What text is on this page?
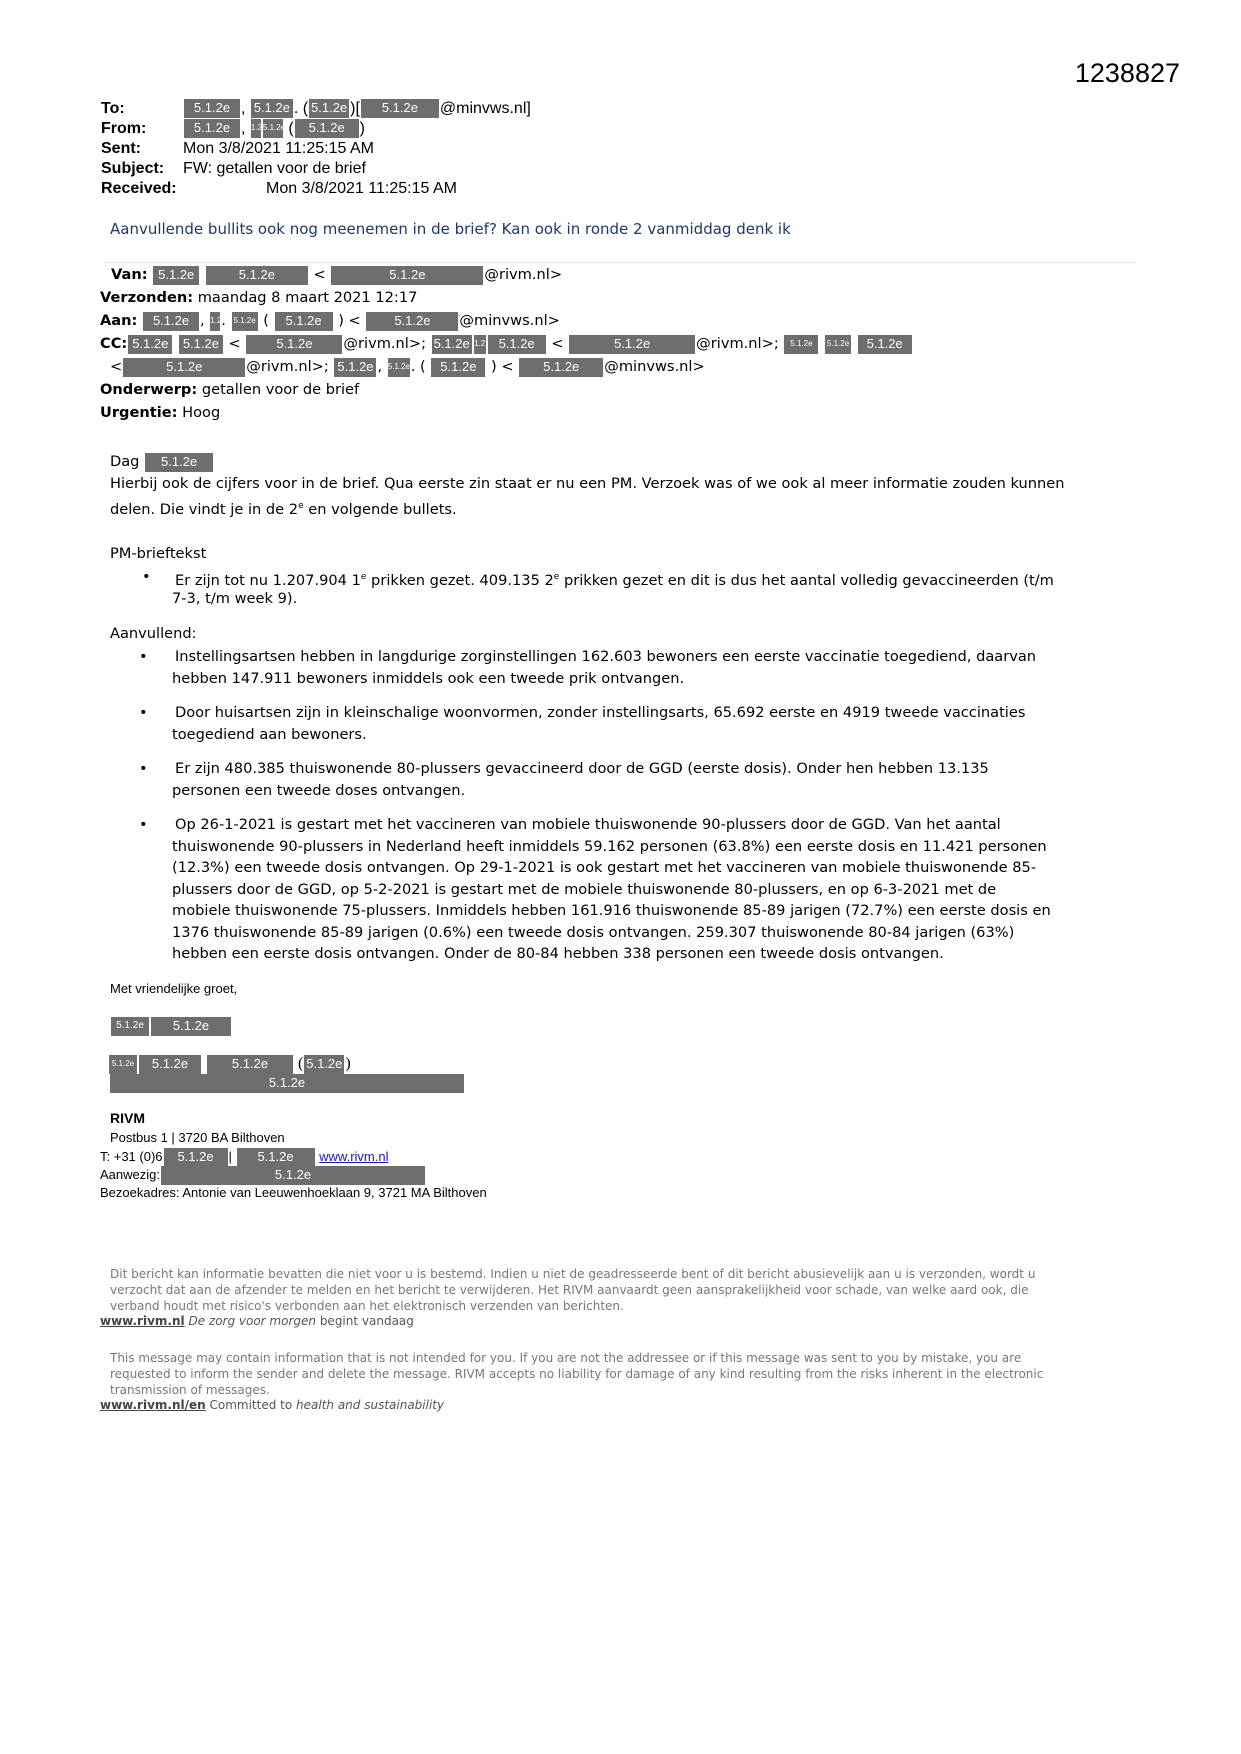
1238827
To:	5.1.2e , 5.1.2e . ( 5.1.2e )[ 5.1.2e @minvws.nl]
From:	5.1.2e , 1.25.1.2e ( 5.1.2e )
Sent:	Mon 3/8/2021 11:25:15 AM
Subject: FW: getallen voor de brief
Received:	Mon 3/8/2021 11:25:15 AM
Aanvullende bullits ook nog meenemen in de brief? Kan ook in ronde 2 vanmiddag denk ik
Van: 5.1.2e	5.1.2e <	5.1.2e	@rivm.nl>
Verzonden: maandag 8 maart 2021 12:17
Aan: 5.1.2e , 1.2. 5.1.2e ( 5.1.2e ) < 5.1.2e @minvws.nl>
CC: 5.1.2e 5.1.2e < 5.1.2e @rivm.nl>; 5.1.2e 1.2 5.1.2e <	5.1.2e	@rivm.nl>; 5.1.2e 5.1.2e 5.1.2e
<	5.1.2e	@rivm.nl>; 5.1.2e , 5.1.2e. ( 5.1.2e ) < 5.1.2e @minvws.nl>
Onderwerp: getallen voor de brief
Urgentie: Hoog
Dag 5.1.2e
Hierbij ook de cijfers voor in de brief. Qua eerste zin staat er nu een PM. Verzoek was of we ook al meer informatie zouden kunnen
delen. Die vindt je in de 2e en volgende bullets.
PM-brieftekst
• Er zijn tot nu 1.207.904 1e prikken gezet. 409.135 2e prikken gezet en dit is dus het aantal volledig gevaccineerden (t/m
7-3, t/m week 9).
Aanvullend:
• Instellingsartsen hebben in langdurige zorginstellingen 162.603 bewoners een eerste vaccinatie toegediend, daarvan
hebben 147.911 bewoners inmiddels ook een tweede prik ontvangen.
• Door huisartsen zijn in kleinschalige woonvormen, zonder instellingsarts, 65.692 eerste en 4919 tweede vaccinaties
toegediend aan bewoners.
• Er zijn 480.385 thuiswonende 80-plussers gevaccineerd door de GGD (eerste dosis). Onder hen hebben 13.135
personen een tweede doses ontvangen.
• Op 26-1-2021 is gestart met het vaccineren van mobiele thuiswonende 90-plussers door de GGD. Van het aantal
thuiswonende 90-plussers in Nederland heeft inmiddels 59.162 personen (63.8%) een eerste dosis en 11.421 personen
(12.3%) een tweede dosis ontvangen. Op 29-1-2021 is ook gestart met het vaccineren van mobiele thuiswonende 85-
plussers door de GGD, op 5-2-2021 is gestart met de mobiele thuiswonende 80-plussers, en op 6-3-2021 met de
mobiele thuiswonende 75-plussers. Inmiddels hebben 161.916 thuiswonende 85-89 jarigen (72.7%) een eerste dosis en
1376 thuiswonende 85-89 jarigen (0.6%) een tweede dosis ontvangen. 259.307 thuiswonende 80-84 jarigen (63%)
hebben een eerste dosis ontvangen. Onder de 80-84 hebben 338 personen een tweede dosis ontvangen.
Met vriendelijke groet,
5.1.2e 5.1.2e
5.1.2e 5.1.2e	5.1.2e ( 5.1.2e )
5.1.2e
RIVM
Postbus 1 | 3720 BA Bilthoven
T: +31 (0)6 5.1.2e | 5.1.2e www.rivm.nl
Aanwezig:	5.1.2e
Bezoekadres: Antonie van Leeuwenhoeklaan 9, 3721 MA Bilthoven
Dit bericht kan informatie bevatten die niet voor u is bestemd. Indien u niet de geadresseerde bent of dit bericht abusievelijk aan u is verzonden, wordt u
verzocht dat aan de afzender te melden en het bericht te verwijderen. Het RIVM aanvaardt geen aansprakelijkheid voor schade, van welke aard ook, die
verband houdt met risico's verbonden aan het elektronisch verzenden van berichten.
www.rivm.nl De zorg voor morgen begint vandaag
This message may contain information that is not intended for you. If you are not the addressee or if this message was sent to you by mistake, you are
requested to inform the sender and delete the message. RIVM accepts no liability for damage of any kind resulting from the risks inherent in the electronic
transmission of messages.
www.rivm.nl/en Committed to health and sustainability
